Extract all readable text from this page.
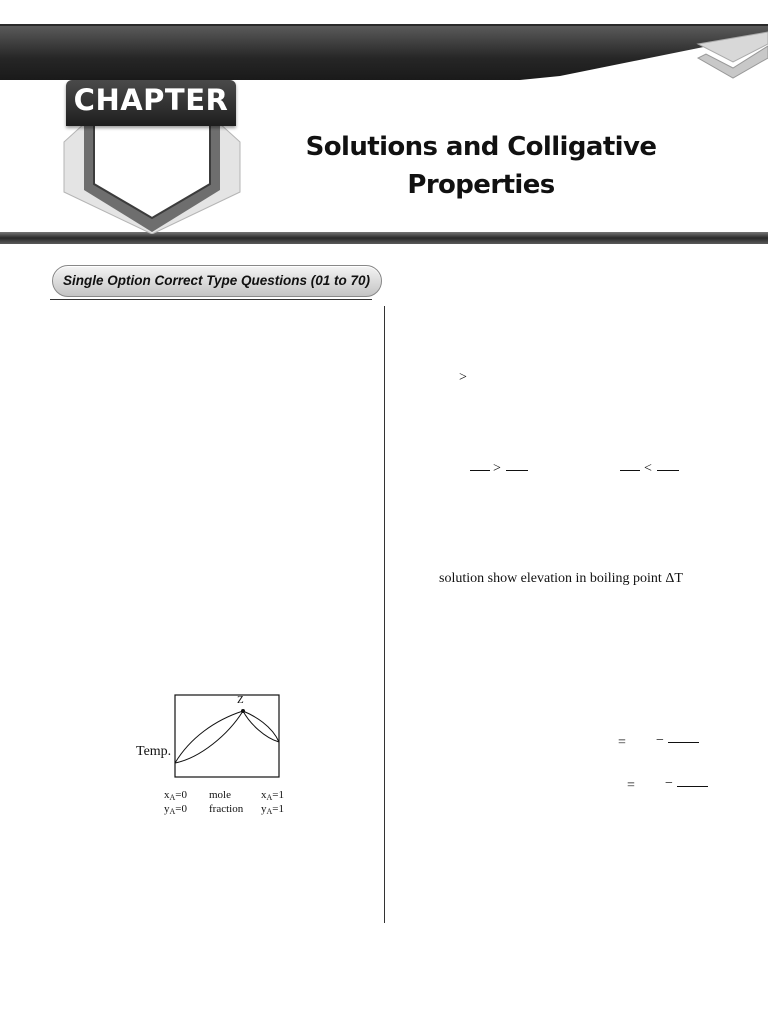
CHAPTER
Solutions and Colligative
Properties
Single Option Correct Type Questions (01 to 70)
>
>	<
solution show elevation in boiling point ΔT
= −
= −
Z
Temp.
$x_A=0$
$y_A=0$
mole
fraction
$x_A=1$
$y_A=1$
